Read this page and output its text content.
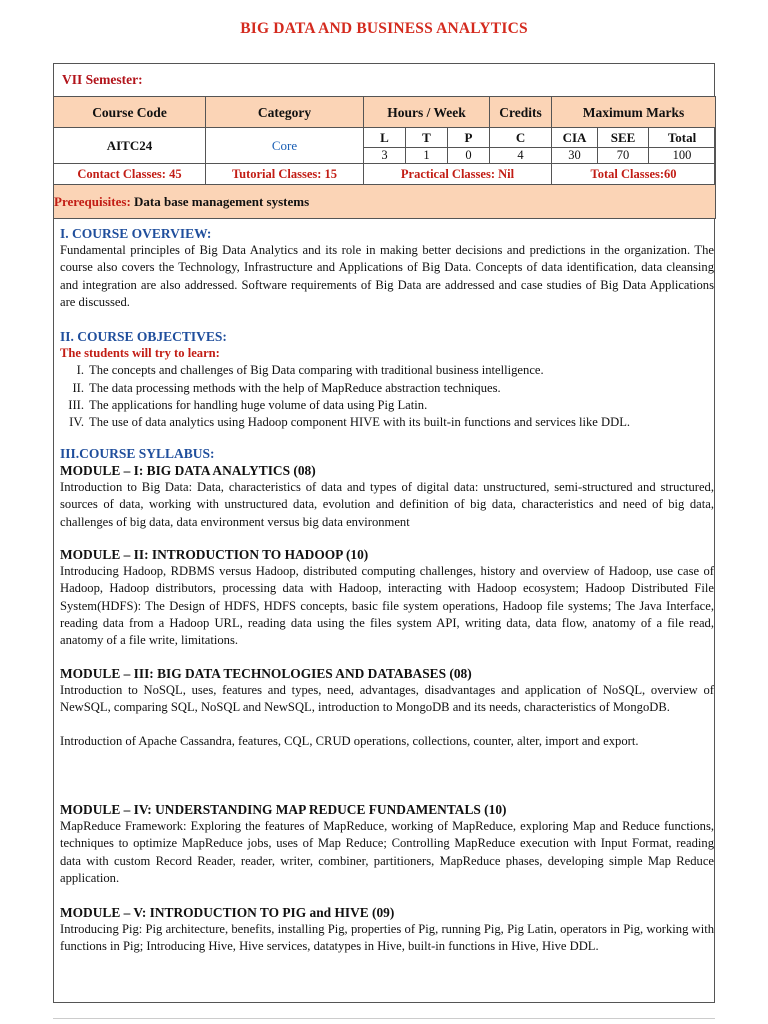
BIG DATA AND BUSINESS ANALYTICS
VII Semester:
Course Code	Category	Hours / Week			Credits	Maximum Marks		
AITC24	Core	L	T	P	C	CIA	SEE	Total
		3	1	0	4	30	70	100
Contact Classes: 45	Tutorial Classes: 15	Practical Classes: Nil				Total Classes:60		
Prerequisites: Data base management systems								
I. COURSE OVERVIEW:
Fundamental principles of Big Data Analytics and its role in making better decisions and predictions in the organization. The course also covers the Technology, Infrastructure and Applications of Big Data. Concepts of data identification, data cleansing and integration are also addressed. Software requirements of Big Data are addressed and case studies of Big Data Applications are discussed.
II. COURSE OBJECTIVES:
The students will try to learn:
I. The concepts and challenges of Big Data comparing with traditional business intelligence.
II. The data processing methods with the help of MapReduce abstraction techniques.
III. The applications for handling huge volume of data using Pig Latin.
IV. The use of data analytics using Hadoop component HIVE with its built-in functions and services like DDL.
III.COURSE SYLLABUS:
MODULE – I: BIG DATA ANALYTICS (08)
Introduction to Big Data: Data, characteristics of data and types of digital data: unstructured, semi-structured and structured, sources of data, working with unstructured data, evolution and definition of big data, characteristics and need of big data, challenges of big data, data environment versus big data environment
MODULE – II: INTRODUCTION TO HADOOP (10)
Introducing Hadoop, RDBMS versus Hadoop, distributed computing challenges, history and overview of Hadoop, use case of Hadoop, Hadoop distributors, processing data with Hadoop, interacting with Hadoop ecosystem; Hadoop Distributed File System(HDFS): The Design of HDFS, HDFS concepts, basic file system operations, Hadoop file systems; The Java Interface, reading data from a Hadoop URL, reading data using the files system API, writing data, data flow, anatomy of a file read, anatomy of a file write, limitations.
MODULE – III: BIG DATA TECHNOLOGIES AND DATABASES (08)
Introduction to NoSQL, uses, features and types, need, advantages, disadvantages and application of NoSQL, overview of NewSQL, comparing SQL, NoSQL and NewSQL, introduction to MongoDB and its needs, characteristics of MongoDB.
Introduction of Apache Cassandra, features, CQL, CRUD operations, collections, counter, alter, import and export.
MODULE – IV: UNDERSTANDING MAP REDUCE FUNDAMENTALS (10)
MapReduce Framework: Exploring the features of MapReduce, working of MapReduce, exploring Map and Reduce functions, techniques to optimize MapReduce jobs, uses of Map Reduce; Controlling MapReduce execution with Input Format, reading data with custom Record Reader, reader, writer, combiner, partitioners, MapReduce phases, developing simple Map Reduce application.
MODULE – V: INTRODUCTION TO PIG and HIVE (09)
Introducing Pig: Pig architecture, benefits, installing Pig, properties of Pig, running Pig, Pig Latin, operators in Pig, working with functions in Pig; Introducing Hive, Hive services, datatypes in Hive, built-in functions in Hive, Hive DDL.
